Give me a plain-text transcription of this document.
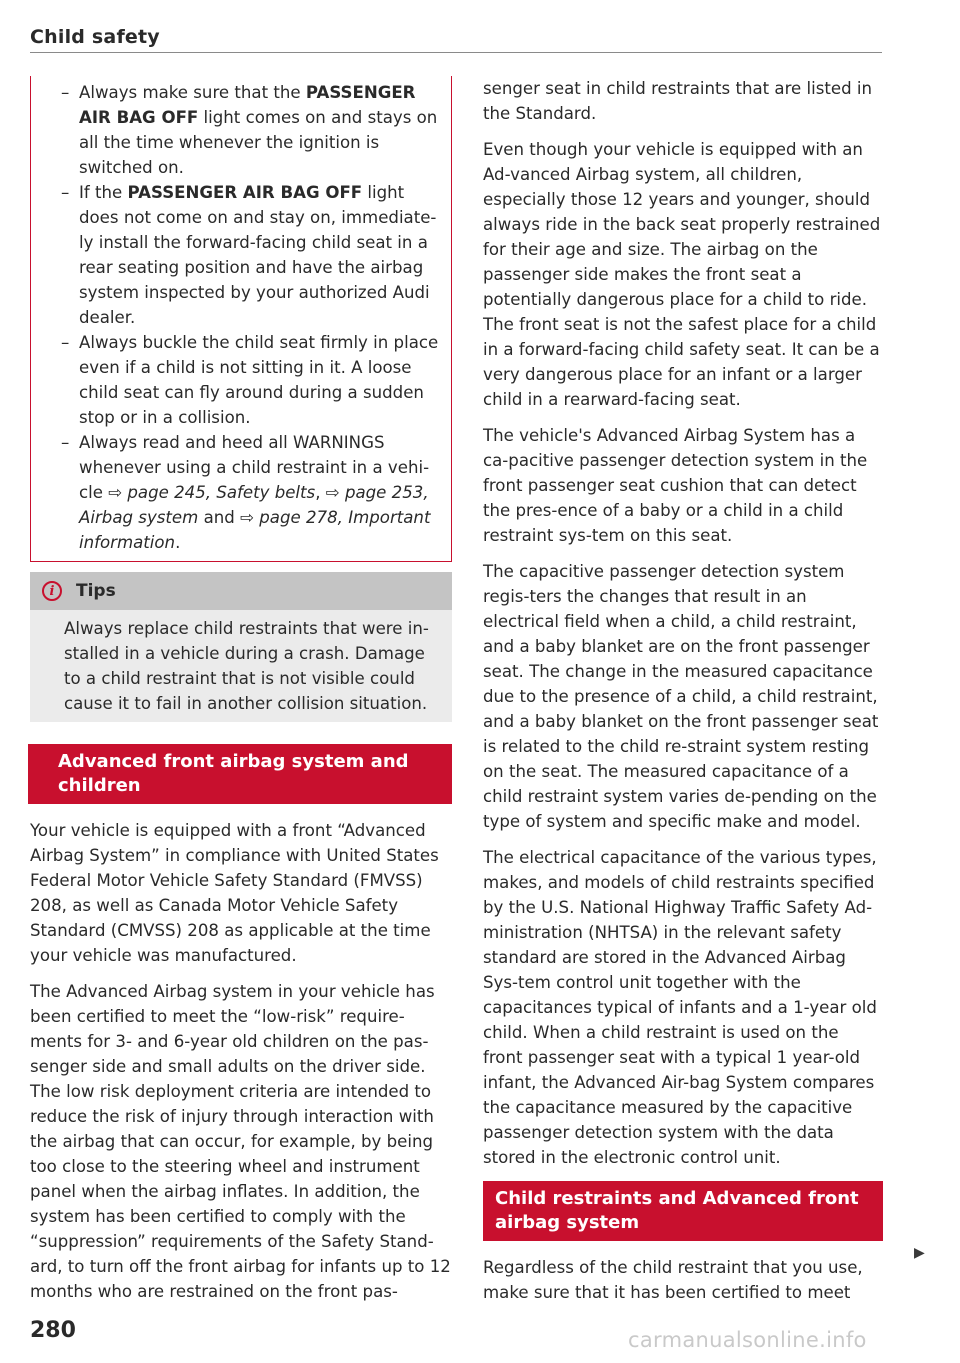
Child safety

–Always make sure that the PASSENGER AIR BAG OFF light comes on and stays on all the time whenever the ignition is switched on.

–If the PASSENGER AIR BAG OFF light does not come on and stay on, immediate-ly install the forward-facing child seat in a rear seating position and have the airbag system inspected by your authorized Audi dealer.

–Always buckle the child seat firmly in place even if a child is not sitting in it. A loose child seat can fly around during a sudden stop or in a collision.

– Always read and heed all WARNINGS whenever using a child restraint in a vehi-cle ⇨ page 245, Safety belts, ⇨ page 253, Airbag system and ⇨ page 278, Important information.

i	Tips
Always replace child restraints that were in-stalled in a vehicle during a crash. Damage to a child restraint that is not visible could cause it to fail in another collision situation.
Advanced front airbag system and children

Your vehicle is equipped with a front “Advanced Airbag System” in compliance with United States Federal Motor Vehicle Safety Standard (FMVSS) 208, as well as Canada Motor Vehicle Safety Standard (CMVSS) 208 as applicable at the time your vehicle was manufactured.

The Advanced Airbag system in your vehicle has been certified to meet the “low-risk” require-ments for 3- and 6-year old children on the pas-senger side and small adults on the driver side. The low risk deployment criteria are intended to reduce the risk of injury through interaction with the airbag that can occur, for example, by being too close to the steering wheel and instrument panel when the airbag inflates. In addition, the system has been certified to comply with the “suppression” requirements of the Safety Stand-ard, to turn off the front airbag for infants up to 12 months who are restrained on the front pas-

senger seat in child restraints that are listed in the Standard.

Even though your vehicle is equipped with an Ad-vanced Airbag system, all children, especially those 12 years and younger, should always ride in the back seat properly restrained for their age and size. The airbag on the passenger side makes the front seat a potentially dangerous place for a child to ride. The front seat is not the safest place for a child in a forward-facing child safety seat. It can be a very dangerous place for an infant or a larger child in a rearward-facing seat.

The vehicle's Advanced Airbag System has a ca-pacitive passenger detection system in the front passenger seat cushion that can detect the pres-ence of a baby or a child in a child restraint sys-tem on this seat.

The capacitive passenger detection system regis-ters the changes that result in an electrical field when a child, a child restraint, and a baby blanket are on the front passenger seat. The change in the measured capacitance due to the presence of a child, a child restraint, and a baby blanket on the front passenger seat is related to the child re-straint system resting on the seat. The measured capacitance of a child restraint system varies de-pending on the type of system and specific make and model.

The electrical capacitance of the various types, makes, and models of child restraints specified by the U.S. National Highway Traffic Safety Ad-ministration (NHTSA) in the relevant safety standard are stored in the Advanced Airbag Sys-tem control unit together with the capacitances typical of infants and a 1-year old child. When a child restraint is used on the front passenger seat with a typical 1 year-old infant, the Advanced Air-bag System compares the capacitance measured by the capacitive passenger detection system with the data stored in the electronic control unit.

Child restraints and Advanced front airbag system

Regardless of the child restraint that you use, make sure that it has been certified to meet

▶
280	carmanualsonline.info
